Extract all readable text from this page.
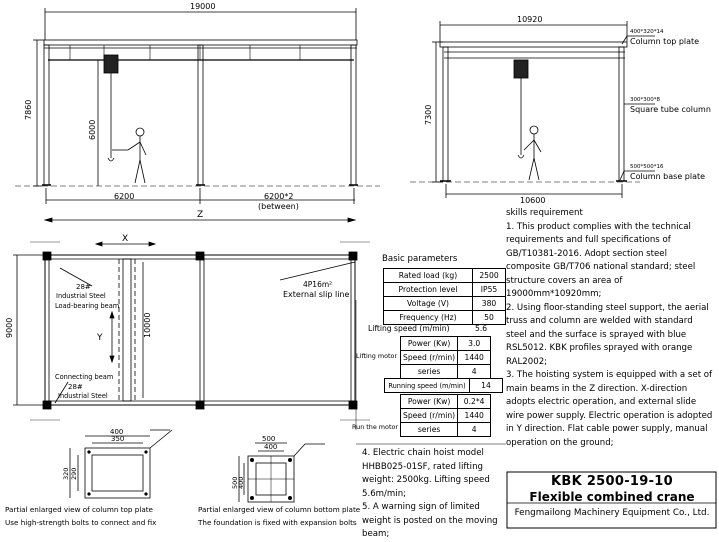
19000
7860
6000
6200	6200*2
(between)
10920
7300
10600
400*320*14
Column top plate
300*300*8
Square tube column
500*500*16
Column base plate
Z
X
Y
9000	10000
28#
Industrial Steel
Load-bearing beam
Connecting beam
28#
Industrial Steel
4P16m²
External slip line
400
350
320 290
Partial enlarged view of column top plate
Use high-strength bolts to connect and fix
500
400
500
400
Partial enlarged view of column bottom plate
The foundation is fixed with expansion bolts
Basic parameters
Rated load (kg)	2500
Protection level	IP55
Voltage (V)	380
Frequency (Hz)	50
Lifting speed (m/min)	5.6
Power (Kw)	3.0
Speed (r/min)	1440
series	4
Lifting motor
Running speed (m/min)	14
Power (Kw)	0.2*4
Speed (r/min)	1440
series	4
Run the motor

skills requirement

1. This product complies with the technical requirements and full specifications of GB/T10381-2016. Adopt section steel composite GB/T706 national standard; steel structure covers an area of 19000mm*10920mm;

2. Using floor-standing steel support, the aerial truss and column are welded with standard steel and the surface is sprayed with blue RSL5012. KBK profiles sprayed with orange RAL2002;

3. The hoisting system is equipped with a set of main beams in the Z direction. X-direction adopts electric operation, and external slide wire power supply. Electric operation is adopted in Y direction. Flat cable power supply, manual operation on the ground;

4. Electric chain hoist model HHBB025-01SF, rated lifting weight: 2500kg. Lifting speed 5.6m/min;

5. A warning sign of limited weight is posted on the moving beam;

KBK 2500-19-10
Flexible combined crane
Fengmailong Machinery Equipment Co., Ltd.
